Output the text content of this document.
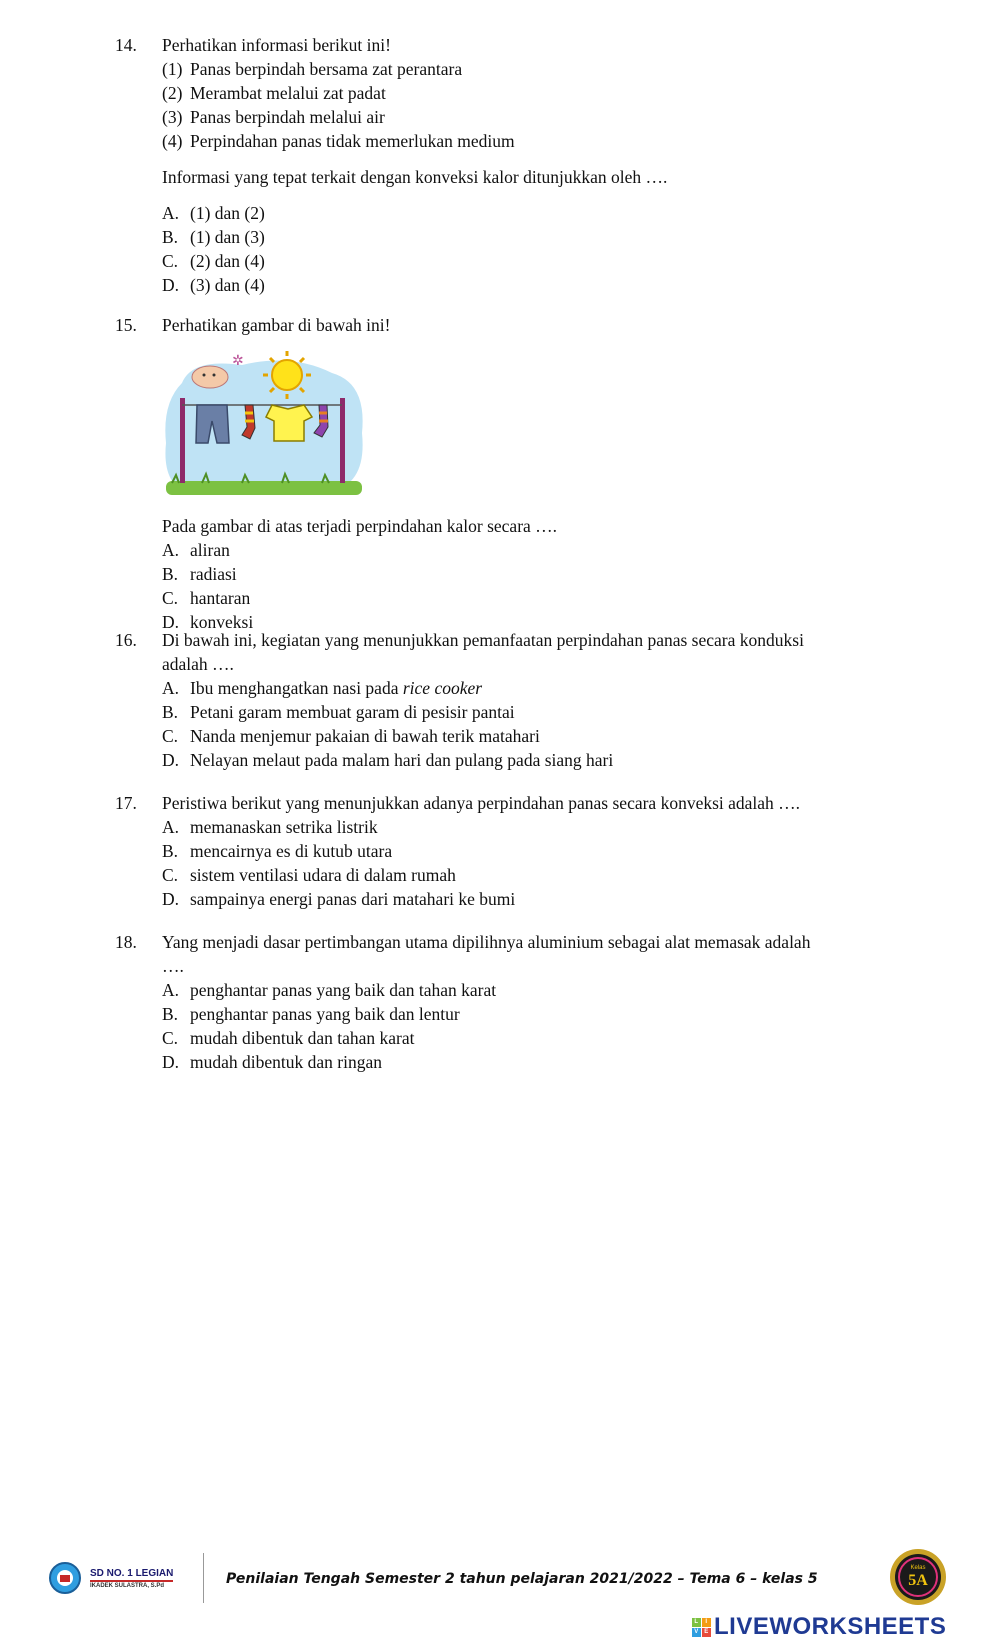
14.	Perhatikan informasi berikut ini!
(1) Panas berpindah bersama zat perantara
(2) Merambat melalui zat padat
(3) Panas berpindah melalui air
(4) Perpindahan panas tidak memerlukan medium
Informasi yang tepat terkait dengan konveksi kalor ditunjukkan oleh ….
A. (1) dan (2)
B. (1) dan (3)
C. (2) dan (4)
D. (3) dan (4)
15.	Perhatikan gambar di bawah ini!
✲
Pada gambar di atas terjadi perpindahan kalor secara ….
A. aliran
B. radiasi
C. hantaran
D. konveksi
16.	Di bawah ini, kegiatan yang menunjukkan pemanfaatan perpindahan panas secara konduksi
adalah ….
A. Ibu menghangatkan nasi pada rice cooker
B. Petani garam membuat garam di pesisir pantai
C. Nanda menjemur pakaian di bawah terik matahari
D. Nelayan melaut pada malam hari dan pulang pada siang hari
17.	Peristiwa berikut yang menunjukkan adanya perpindahan panas secara konveksi adalah ….
A. memanaskan setrika listrik
B. mencairnya es di kutub utara
C. sistem ventilasi udara di dalam rumah
D. sampainya energi panas dari matahari ke bumi
18.	Yang menjadi dasar pertimbangan utama dipilihnya aluminium sebagai alat memasak adalah
….
A. penghantar panas yang baik dan tahan karat
B. penghantar panas yang baik dan lentur
C. mudah dibentuk dan tahan karat
D. mudah dibentuk dan ringan
SD NO. 1 LEGIAN
IKADEK SULASTRA, S.Pd	Penilaian Tengah Semester 2 tahun pelajaran 2021/2022 – Tema 6 – kelas 5
Kelas
5A
L	I
V E LIVEWORKSHEETS
